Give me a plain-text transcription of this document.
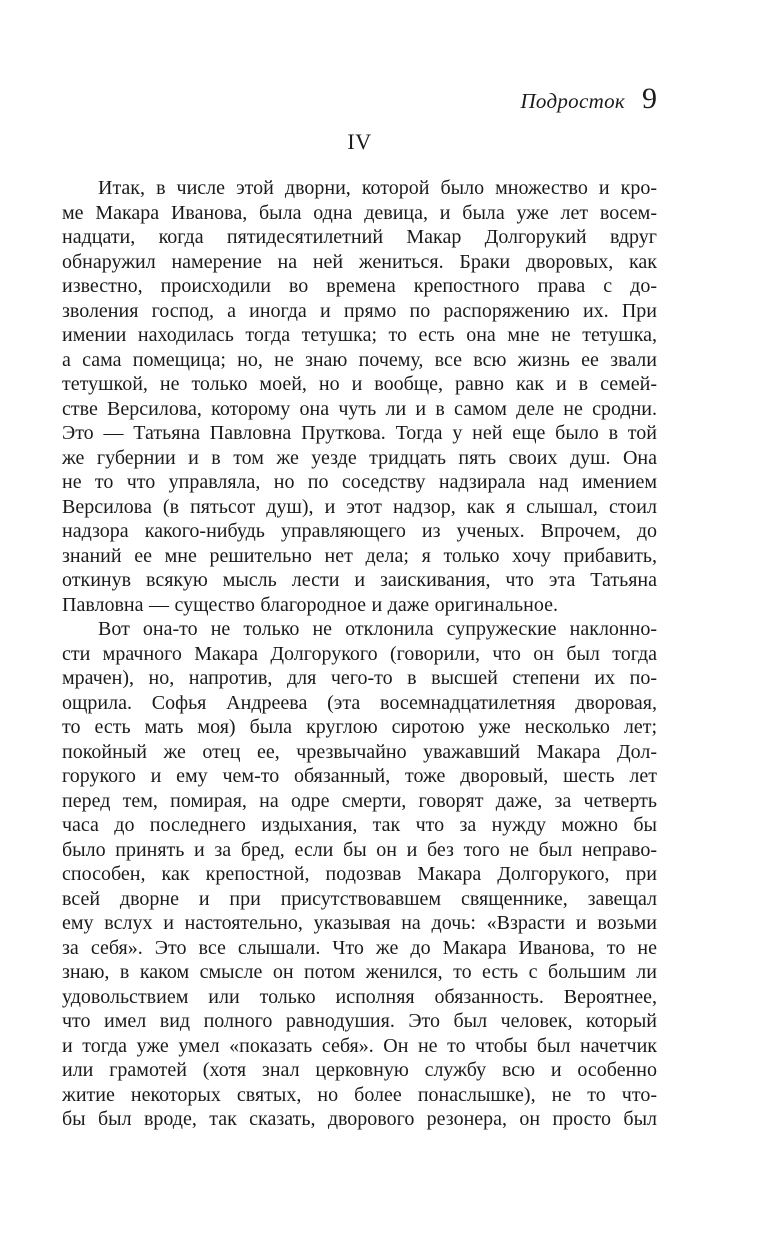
Подросток 9
IV
Итак, в числе этой дворни, которой было множество и кро-
ме Макара Иванова, была одна девица, и была уже лет восем-
надцати, когда пятидесятилетний Макар Долгорукий вдруг
обнаружил намерение на ней жениться. Браки дворовых, как
известно, происходили во времена крепостного права с до-
зволения господ, а иногда и прямо по распоряжению их. При
имении находилась тогда тетушка; то есть она мне не тетушка,
а сама помещица; но, не знаю почему, все всю жизнь ее звали
тетушкой, не только моей, но и вообще, равно как и в семей-
стве Версилова, которому она чуть ли и в самом деле не сродни.
Это — Татьяна Павловна Пруткова. Тогда у ней еще было в той
же губернии и в том же уезде тридцать пять своих душ. Она
не то что управляла, но по соседству надзирала над имением
Версилова (в пятьсот душ), и этот надзор, как я слышал, стоил
надзора какого-нибудь управляющего из ученых. Впрочем, до
знаний ее мне решительно нет дела; я только хочу прибавить,
откинув всякую мысль лести и заискивания, что эта Татьяна
Павловна — существо благородное и даже оригинальное.
Вот она-то не только не отклонила супружеские наклонно-
сти мрачного Макара Долгорукого (говорили, что он был тогда
мрачен), но, напротив, для чего-то в высшей степени их по-
ощрила. Софья Андреева (эта восемнадцатилетняя дворовая,
то есть мать моя) была круглою сиротою уже несколько лет;
покойный же отец ее, чрезвычайно уважавший Макара Дол-
горукого и ему чем-то обязанный, тоже дворовый, шесть лет
перед тем, помирая, на одре смерти, говорят даже, за четверть
часа до последнего издыхания, так что за нужду можно бы
было принять и за бред, если бы он и без того не был неправо-
способен, как крепостной, подозвав Макара Долгорукого, при
всей дворне и при присутствовавшем священнике, завещал
ему вслух и настоятельно, указывая на дочь: «Взрасти и возьми
за себя». Это все слышали. Что же до Макара Иванова, то не
знаю, в каком смысле он потом женился, то есть с большим ли
удовольствием или только исполняя обязанность. Вероятнее,
что имел вид полного равнодушия. Это был человек, который
и тогда уже умел «показать себя». Он не то чтобы был начетчик
или грамотей (хотя знал церковную службу всю и особенно
житие некоторых святых, но более понаслышке), не то что-
бы был вроде, так сказать, дворового резонера, он просто был
